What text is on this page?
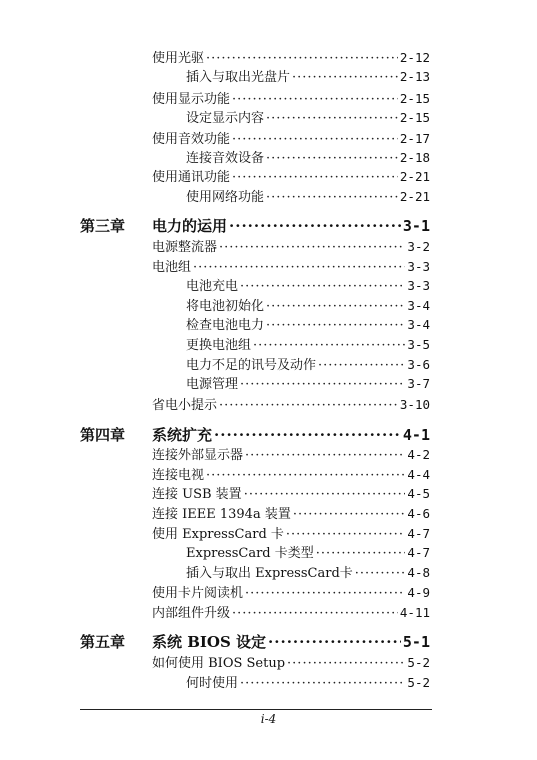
使用光驱 ·····	2-12
插入与取出光盘片 ·····	2-13
使用显示功能 ·····	2-15
设定显示内容 ·····	2-15
使用音效功能 ·····	2-17
连接音效设备 ·····	2-18
使用通讯功能 ·····	2-21
使用网络功能 ·····	2-21
第三章	电力的运用 ·····	3-1
电源整流器 ·····	3-2
电池组 ·····	3-3
电池充电 ·····	3-3
将电池初始化 ·····	3-4
检查电池电力 ·····	3-4
更换电池组 ·····	3-5
电力不足的讯号及动作 ·····	3-6
电源管理 ·····	3-7
省电小提示 ·····	3-10
第四章	系统扩充 ·····	4-1
连接外部显示器 ·····	4-2
连接电视 ·····	4-4
连接 USB 装置 ·····	4-5
连接 IEEE 1394a 装置 ·····	4-6
使用 ExpressCard 卡 ·····	4-7
ExpressCard 卡类型 ·····	4-7
插入与取出 ExpressCard卡 ·····	4-8
使用卡片阅读机 ·····	4-9
内部组件升级 ·····	4-11
第五章	系统 BIOS 设定 ·····	5-1
如何使用 BIOS Setup ·····	5-2
何时使用 ·····	5-2
i-4
